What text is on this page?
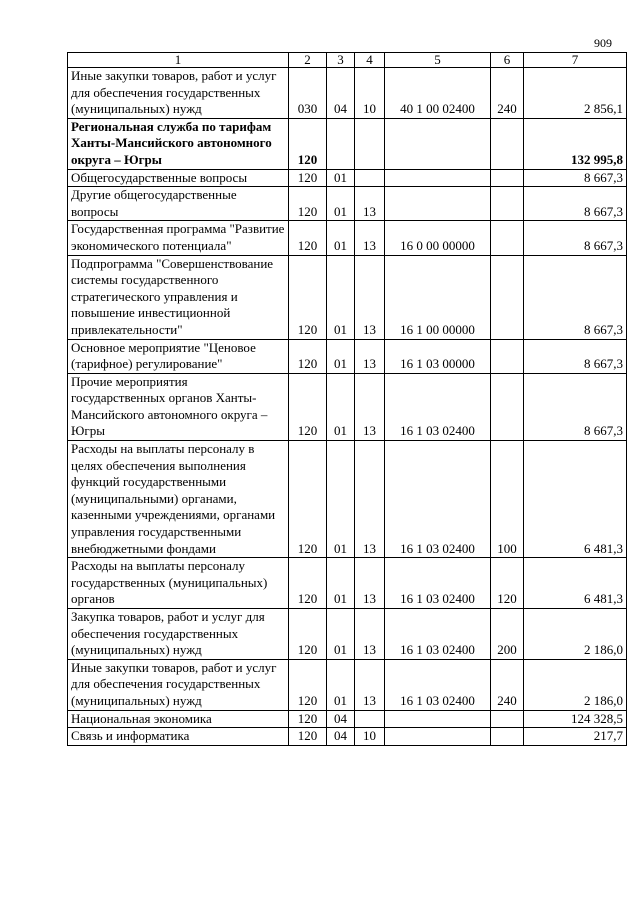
909
1	2	3	4	5	6	7
Иные закупки товаров, работ и услуг для обеспечения государственных (муниципальных) нужд	030	04	10	40 1 00 02400	240	2 856,1
Региональная служба по тарифам Ханты-Мансийского автономного округа – Югры	120					132 995,8
Общегосударственные вопросы	120	01				8 667,3
Другие общегосударственные вопросы	120	01	13			8 667,3
Государственная программа "Развитие экономического потенциала"	120	01	13	16 0 00 00000		8 667,3
Подпрограмма "Совершенствование системы государственного стратегического управления и повышение инвестиционной привлекательности"	120	01	13	16 1 00 00000		8 667,3
Основное мероприятие "Ценовое (тарифное) регулирование"	120	01	13	16 1 03 00000		8 667,3
Прочие мероприятия государственных органов Ханты-Мансийского автономного округа – Югры	120	01	13	16 1 03 02400		8 667,3
Расходы на выплаты персоналу в целях обеспечения выполнения функций государственными (муниципальными) органами, казенными учреждениями, органами управления государственными внебюджетными фондами	120	01	13	16 1 03 02400	100	6 481,3
Расходы на выплаты персоналу государственных (муниципальных) органов	120	01	13	16 1 03 02400	120	6 481,3
Закупка товаров, работ и услуг для обеспечения государственных (муниципальных) нужд	120	01	13	16 1 03 02400	200	2 186,0
Иные закупки товаров, работ и услуг для обеспечения государственных (муниципальных) нужд	120	01	13	16 1 03 02400	240	2 186,0
Национальная экономика	120	04				124 328,5
Связь и информатика	120	04	10			217,7
